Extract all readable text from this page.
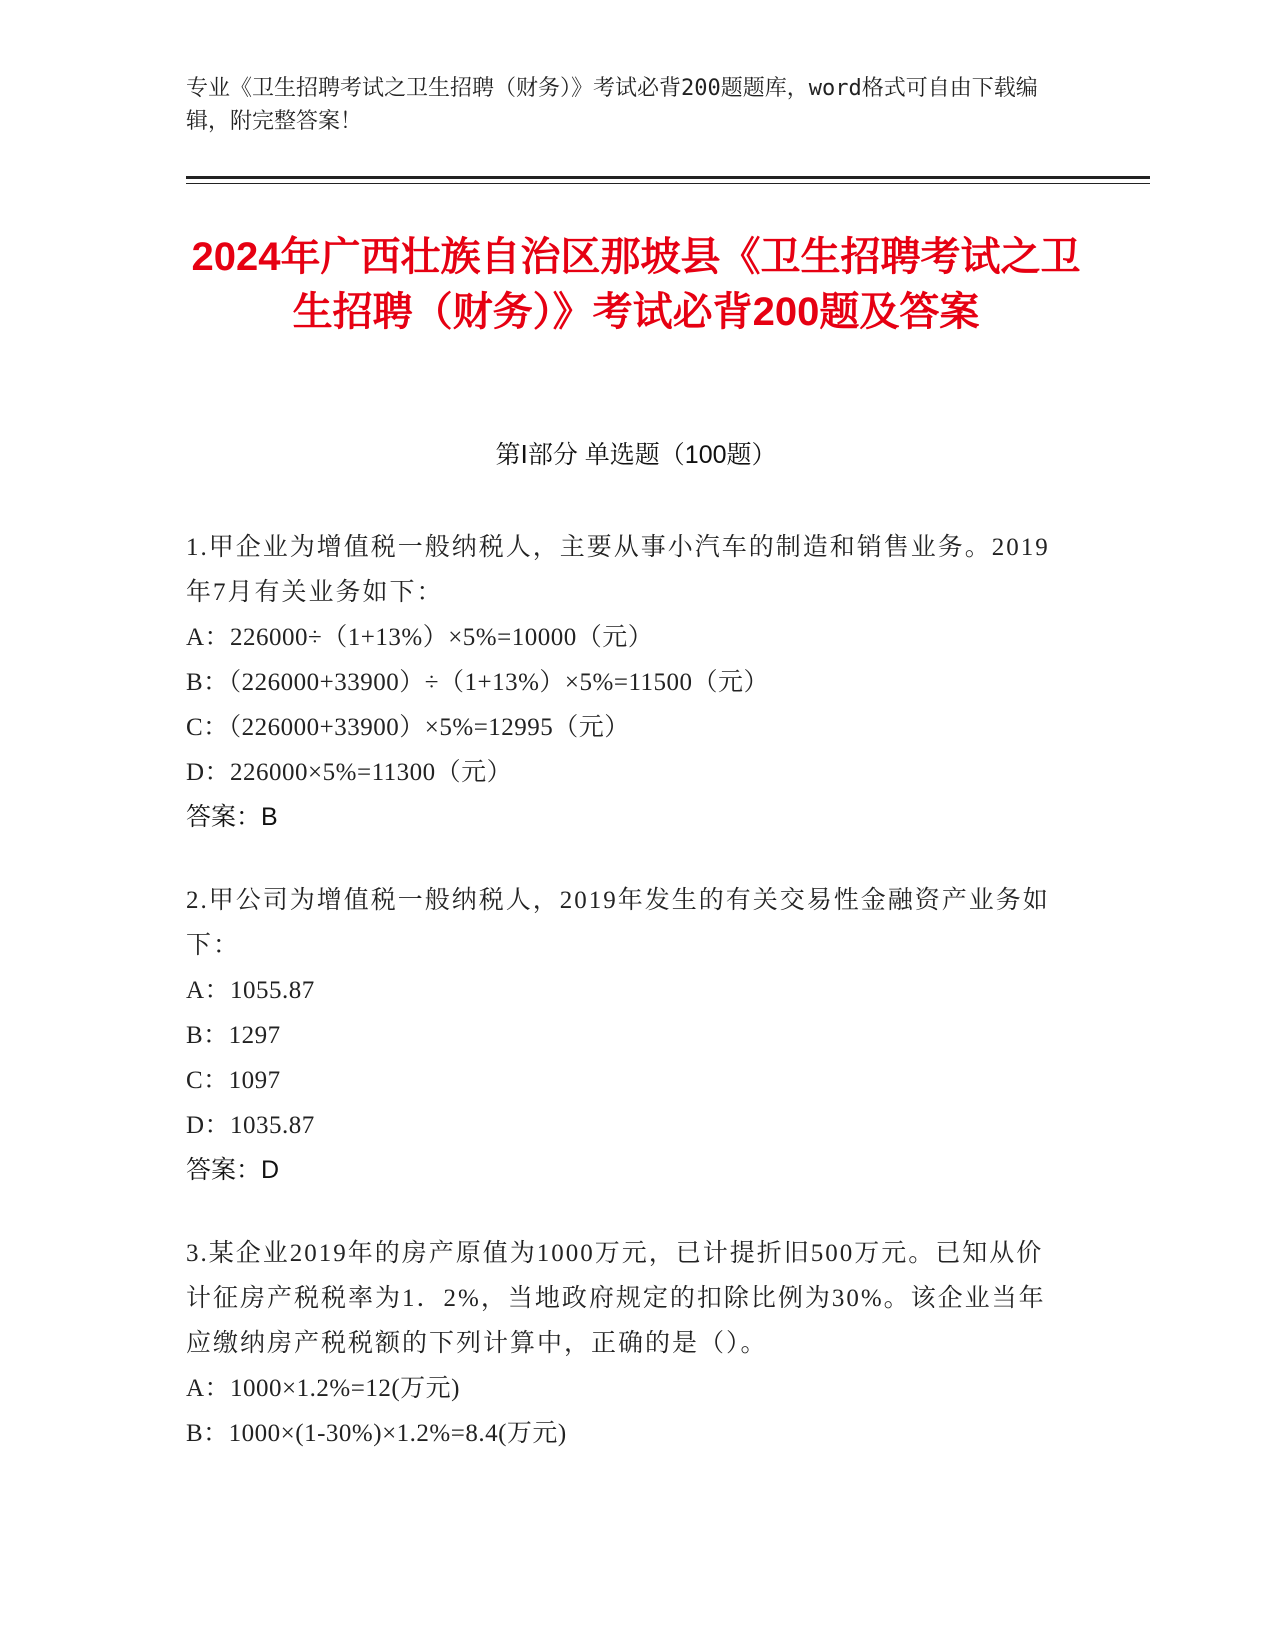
专业《卫生招聘考试之卫生招聘（财务）》考试必背200题题库，word格式可自由下载编辑，附完整答案！
2024年广西壮族自治区那坡县《卫生招聘考试之卫生招聘（财务）》考试必背200题及答案
第Ⅰ部分 单选题（100题）

1.甲企业为增值税一般纳税人，主要从事小汽车的制造和销售业务。2019年7月有关业务如下：

A：226000÷（1+13%）×5%=10000（元）

B：（226000+33900）÷（1+13%）×5%=11500（元）

C：（226000+33900）×5%=12995（元）

D：226000×5%=11300（元）

答案：B

2.甲公司为增值税一般纳税人，2019年发生的有关交易性金融资产业务如下：

A：1055.87

B：1297

C：1097

D：1035.87

答案：D

3.某企业2019年的房产原值为1000万元，已计提折旧500万元。已知从价计征房产税税率为1．2%，当地政府规定的扣除比例为30%。该企业当年应缴纳房产税税额的下列计算中，正确的是（）。

A：1000×1.2%=12(万元)

B：1000×(1-30%)×1.2%=8.4(万元)
